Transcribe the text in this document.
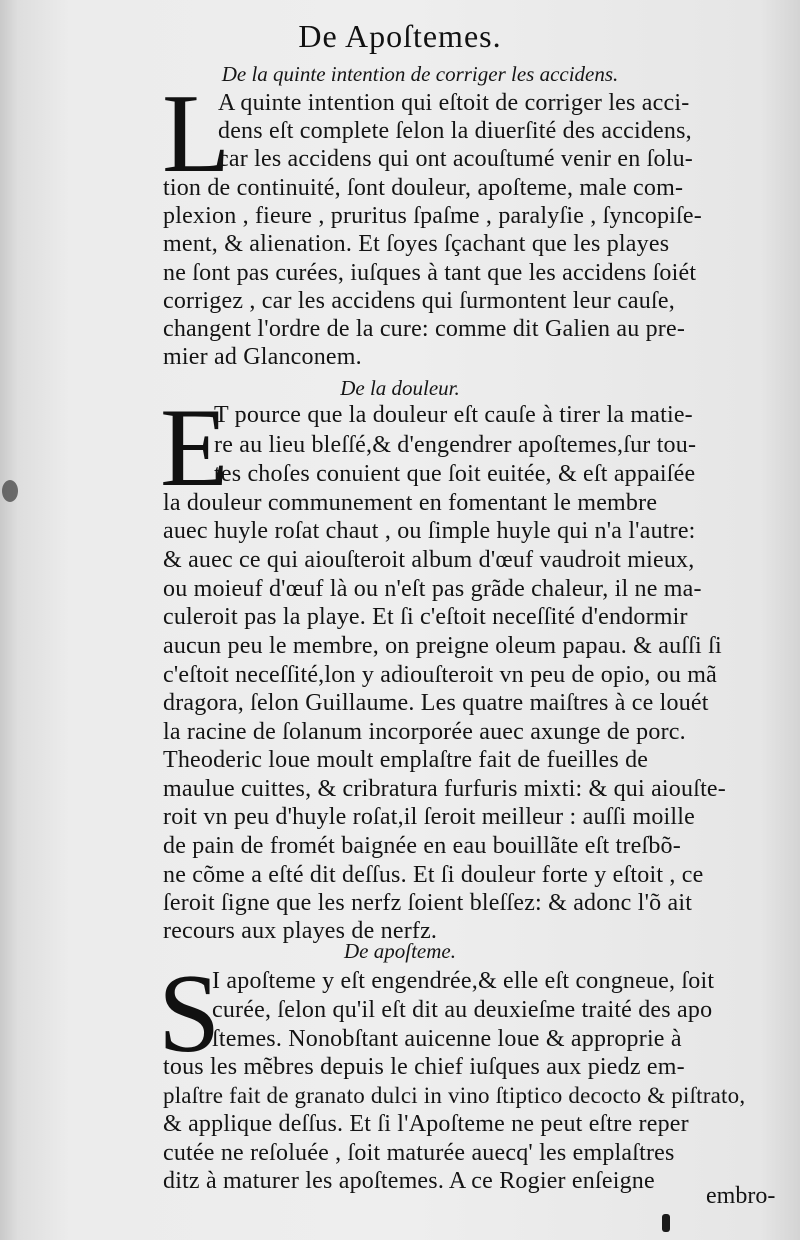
De Apoſtemes.
De la quinte intention de corriger les accidens.
L
A quinte intention qui eſtoit de corriger les acci-
dens eſt complete ſelon la diuerſité des accidens,
car les accidens qui ont acouſtumé venir en ſolu-
tion de continuité, ſont douleur, apoſteme, male com-
plexion , fieure , pruritus ſpaſme , paralyſie , ſyncopiſe-
ment, & alienation. Et ſoyes ſçachant que les playes
ne ſont pas curées, iuſques à tant que les accidens ſoiét
corrigez , car les accidens qui ſurmontent leur cauſe,
changent l'ordre de la cure: comme dit Galien au pre-
mier ad Glanconem.
De la douleur.
E
T pource que la douleur eſt cauſe à tirer la matie-
re au lieu bleſſé,& d'engendrer apoſtemes,ſur tou-
tes choſes conuient que ſoit euitée, & eſt appaiſée
la douleur communement en fomentant le membre
auec huyle roſat chaut , ou ſimple huyle qui n'a l'autre:
& auec ce qui aiouſteroit album d'œuf vaudroit mieux,
ou moieuf d'œuf là ou n'eſt pas grãde chaleur, il ne ma-
culeroit pas la playe. Et ſi c'eſtoit neceſſité d'endormir
aucun peu le membre, on preigne oleum papau. & auſſi ſi
c'eſtoit neceſſité,lon y adiouſteroit vn peu de opio, ou mã
dragora, ſelon Guillaume. Les quatre maiſtres à ce louét
la racine de ſolanum incorporée auec axunge de porc.
Theoderic loue moult emplaſtre fait de fueilles de
maulue cuittes, & cribratura furfuris mixti: & qui aiouſte-
roit vn peu d'huyle roſat,il ſeroit meilleur : auſſi moille
de pain de fromét baignée en eau bouillãte eſt treſbõ-
ne cõme a eſté dit deſſus. Et ſi douleur forte y eſtoit , ce
ſeroit ſigne que les nerfz ſoient bleſſez: & adonc l'õ ait
recours aux playes de nerfz.
De apoſteme.
S
I apoſteme y eſt engendrée,& elle eſt congneue, ſoit
curée, ſelon qu'il eſt dit au deuxieſme traité des apo
ſtemes. Nonobſtant auicenne loue & approprie à
tous les mẽbres depuis le chief iuſques aux piedz em-
plaſtre fait de granato dulci in vino ſtiptico decocto & piſtrato,
& applique deſſus. Et ſi l'Apoſteme ne peut eſtre reper
cutée ne reſoluée , ſoit maturée auecq' les emplaſtres
ditz à maturer les apoſtemes. A ce Rogier enſeigne
embro-
